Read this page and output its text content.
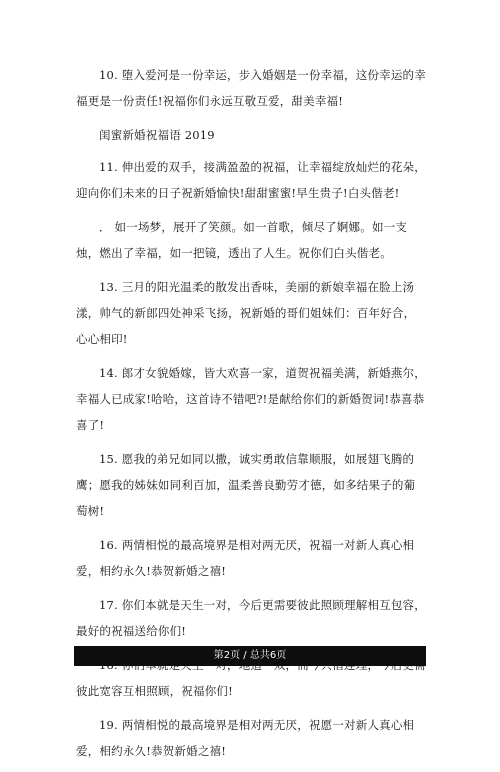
10. 堕入爱河是一份幸运，步入婚姻是一份幸福，这份幸运的幸福更是一份责任!祝福你们永远互敬互爱，甜美幸福!

闺蜜新婚祝福语 2019

11. 伸出爱的双手，接满盈盈的祝福，让幸福绽放灿烂的花朵，迎向你们未来的日子祝新婚愉快!甜甜蜜蜜!早生贵子!白头偕老!

． 如一场梦，展开了笑颜。如一首歌，倾尽了婀娜。如一支烛，燃出了幸福，如一把镜，透出了人生。祝你们白头偕老。

13. 三月的阳光温柔的散发出香味，美丽的新娘幸福在脸上汤漾，帅气的新郎四处神采飞扬，祝新婚的哥们姐妹们：百年好合，心心相印!

14. 郎才女貌婚嫁，皆大欢喜一家，道贺祝福美满，新婚燕尔，幸福人已成家!哈哈，这首诗不错吧?!是献给你们的新婚贺词!恭喜恭喜了!

15. 愿我的弟兄如同以撒，诚实勇敢信靠顺服，如展翅飞腾的鹰；愿我的姊妹如同利百加，温柔善良勤劳才德，如多结果子的葡萄树!

16. 两情相悦的最高境界是相对两无厌，祝福一对新人真心相爱，相约永久!恭贺新婚之禧!

17. 你们本就是天生一对，今后更需要彼此照顾理解相互包容，最好的祝福送给你们!

彼此宽容互相照顾，祝福你们!

19. 两情相悦的最高境界是相对两无厌，祝愿一对新人真心相爱，相约永久!恭贺新婚之禧!

第2页 / 总共6页
